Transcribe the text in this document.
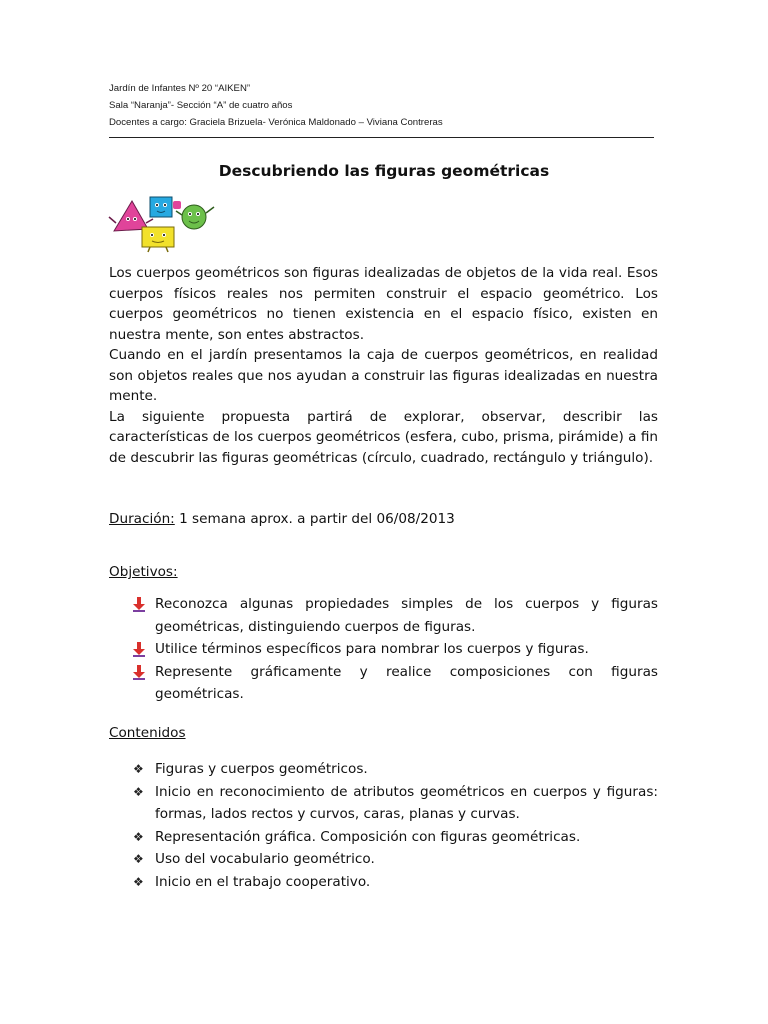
Jardín de Infantes Nº 20 “AIKEN”
Sala “Naranja”- Sección “A” de cuatro años
Docentes a cargo: Graciela Brizuela- Verónica Maldonado – Viviana Contreras
Descubriendo las figuras geométricas

Los cuerpos geométricos son figuras idealizadas de objetos de la vida real. Esos cuerpos físicos reales nos permiten construir el espacio geométrico. Los cuerpos geométricos no tienen existencia en el espacio físico, existen en nuestra mente, son entes abstractos.

Cuando en el jardín presentamos la caja de cuerpos geométricos, en realidad son objetos reales que nos ayudan a construir las figuras idealizadas en nuestra mente.

La siguiente propuesta partirá de explorar, observar, describir las características de los cuerpos geométricos (esfera, cubo, prisma, pirámide) a fin de descubrir las figuras geométricas (círculo, cuadrado, rectángulo y triángulo).

Duración: 1 semana aprox. a partir del 06/08/2013
Objetivos:
Reconozca algunas propiedades simples de los cuerpos y figuras geométricas, distinguiendo cuerpos de figuras.
Utilice términos específicos para nombrar los cuerpos y figuras.
Represente gráficamente y realice composiciones con figuras geométricas.
Contenidos
❖ Figuras y cuerpos geométricos.
❖ Inicio en reconocimiento de atributos geométricos en cuerpos y figuras: formas, lados rectos y curvos, caras, planas y curvas.
❖ Representación gráfica. Composición con figuras geométricas.
❖ Uso del vocabulario geométrico.
❖ Inicio en el trabajo cooperativo.
